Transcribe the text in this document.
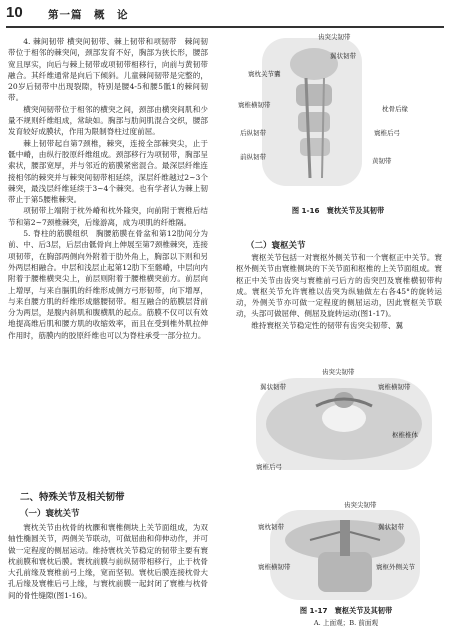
10 第一篇　概　论

4. 棘间韧带 横突间韧带、棘上韧带和项韧带　棘间韧带位于相邻的棘突间，颈部发育不好，胸部为狭长形，腰部宽且厚实，向后与棘上韧带或项韧带相移行，向前与黄韧带融合。其纤维通常是向后下倾斜。儿童棘间韧带是完整的，20岁后韧带中出现裂隙，特别是腰4-5和腰5骶1的棘间韧带。

横突间韧带位于相邻的横突之间，颈部由横突间肌和少量不规则纤维组成，常缺如。胸部与肋间肌混合交织，腰部发育较好成膜状，作用为限制脊柱过度前屈。

棘上韧带起自第7颈椎，棘突，连接全部棘突尖，止于骶中嵴，由纵行胶原纤维组成。颈部移行为项韧带，胸部呈索状，腰部宽厚，并与邻近的筋膜紧密混合。最深层纤维连接相邻的棘突并与棘突间韧带相延续，深层纤维越过2~3个棘突，最浅层纤维延续于3~4个棘突。也有学者认为棘上韧带止于第5腰椎棘突。

项韧带上端附于枕外嵴和枕外隆突，向前附于寰椎后结节和第2~7颈椎棘突，后缘游离，成为项肌的纤维隔。

5. 脊柱的筋膜组织　胸腰筋膜在骨盆和第12肋间分为前、中、后3层，后层由骶骨向上伸展至第7颈椎棘突，连接项韧带，在胸部两侧向外附着于肋外角上，胸部以下则和另外两层相融合。中层和浅层止起第12肋下至髂嵴，中层向内附着于腰椎横突尖上，前层则附着于腰椎横突前方。前层向上增厚，与来自膈肌的纤维形成侧方弓形韧带，向下增厚，与来自腰方肌的纤维形成髂腰韧带。相互融合的筋膜层背前分为两层，是腹内斜肌和腹横肌的起点。筋膜不仅可以有效地提高维后肌和腰方肌的收缩效率，而且在受到椎外肌拉伸作用时，筋膜内的胶原纤维也可以为脊柱承受一部分拉力。

二、特殊关节及相关韧带
（一）寰枕关节

寰枕关节由枕骨的枕髁和寰椎侧块上关节面组成，为双轴性椭圆关节，两侧关节联动，可做屈曲和仰伸动作，并可做一定程度的侧屈运动。维持寰枕关节稳定的韧带主要有寰枕前膜和寰枕后膜。寰枕前膜与前纵韧带相移行，止于枕骨大孔前缘及寰椎前弓上缘，宽而坚韧。寰枕后膜连接枕骨大孔后缘及寰椎后弓上缘，与寰枕前膜一起封闭了寰椎与枕骨间的骨性缝隙(图1-16)。

齿突尖韧带
翼状韧带
寰枕关节囊
寰椎横韧带	枕骨后缘
后纵韧带	寰椎后弓
前纵韧带	黄韧带
图 1-16　寰枕关节及其韧带
（二）寰枢关节

寰枢关节包括一对寰枢外侧关节和一个寰枢正中关节。寰枢外侧关节由寰椎侧块的下关节面和枢椎的上关节面组成。寰枢正中关节由齿突与寰椎前弓后方的齿突凹及寰椎横韧带构成。寰枢关节允许寰椎以齿突为纵轴做左右各45°的旋转运动，外侧关节亦可做一定程度的侧屈运动，因此寰枢关节联动，头部可做屈伸、侧屈及旋转运动(图1-17)。

维持寰枢关节稳定性的韧带有齿突尖韧带、翼

齿突尖韧带
翼状韧带	寰椎横韧带
寰椎后弓
枢椎椎体
齿突尖韧带
寰枕韧带	翼状韧带
寰椎横韧带	寰枢外侧关节
图 1-17　寰枢关节及其韧带
A. 上面观；B. 前面观
